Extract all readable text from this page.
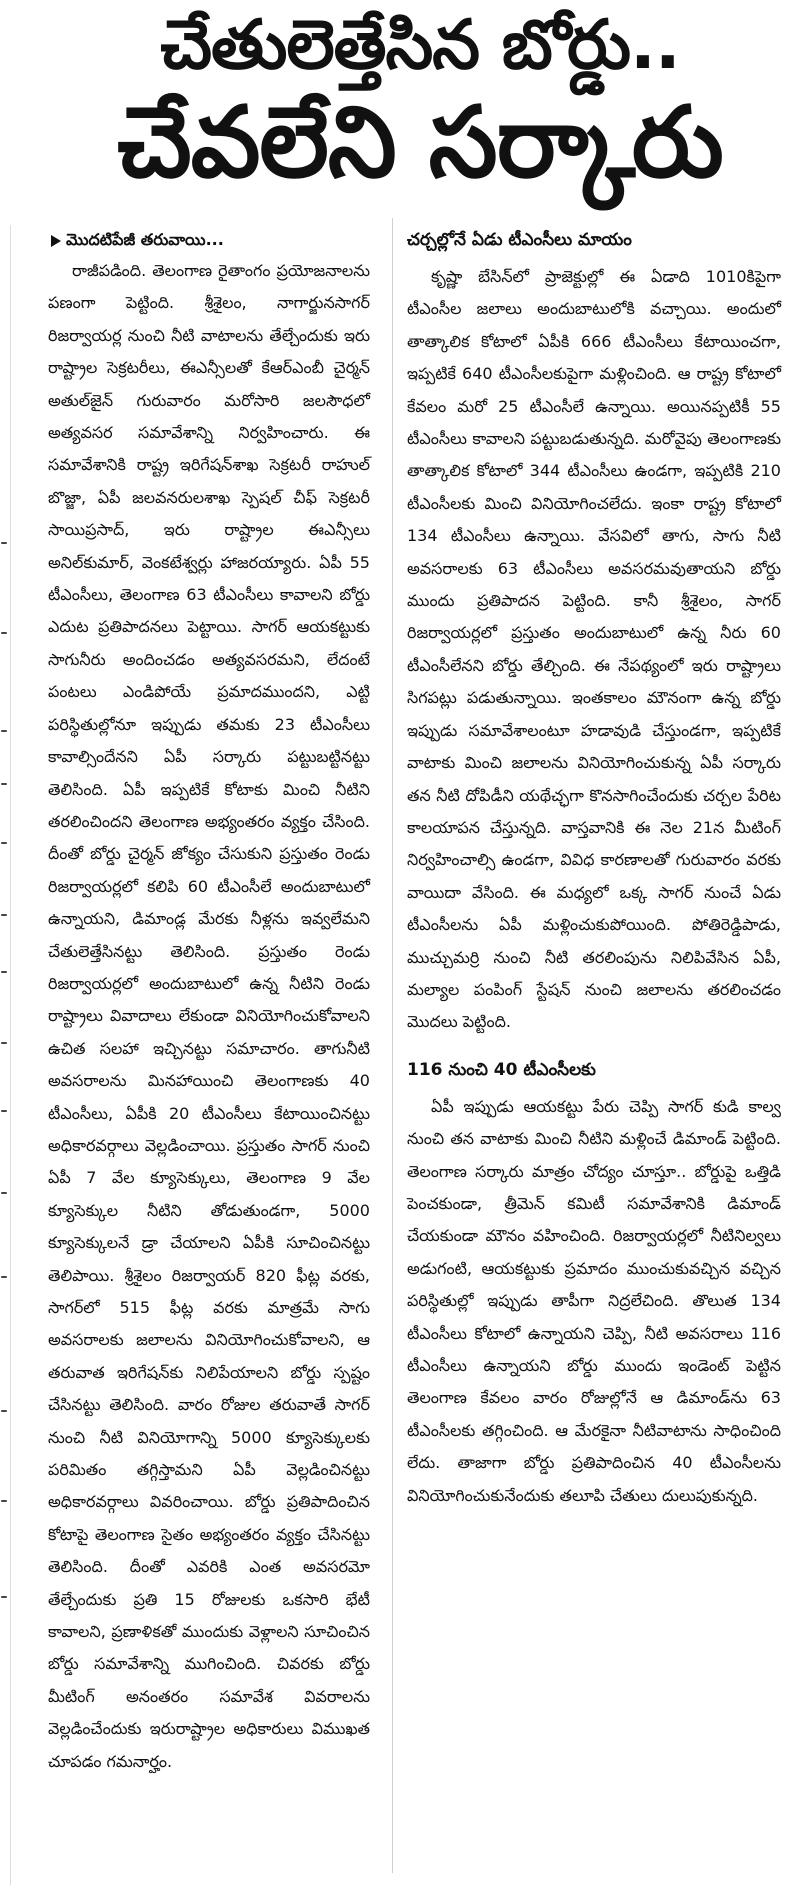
చేతులెత్తేసిన బోర్డు..
చేవలేని సర్కారు
మొదటిపేజీ తరువాయి...

రాజీపడింది. తెలంగాణ రైతాంగం ప్రయోజనాలను పణంగా పెట్టింది. శ్రీశైలం, నాగార్జునసాగర్ రిజర్వాయర్ల నుంచి నీటి వాటాలను తేల్చేందుకు ఇరు రాష్ట్రాల సెక్రటరీలు, ఈఎన్సీలతో కేఆర్ఎంబీ చైర్మన్ అతుల్‌జైన్ గురువారం మరోసారి జలసౌధలో అత్యవసర సమావేశాన్ని నిర్వహించారు. ఈ సమావేశానికి రాష్ట్ర ఇరిగేషన్‌శాఖ సెక్రటరీ రాహుల్ బొజ్జా, ఏపీ జలవనరులశాఖ స్పెషల్ చీఫ్ సెక్రటరీ సాయిప్రసాద్, ఇరు రాష్ట్రాల ఈఎన్సీలు అనిల్‌కుమార్, వెంకటేశ్వర్లు హాజరయ్యారు. ఏపీ 55 టీఎంసీలు, తెలంగాణ 63 టీఎంసీలు కావాలని బోర్డు ఎదుట ప్రతిపాదనలు పెట్టాయి. సాగర్ ఆయకట్టుకు సాగునీరు అందించడం అత్యవసరమని, లేదంటే పంటలు ఎండిపోయే ప్రమాదముందని, ఎట్టి పరిస్థితుల్లోనూ ఇప్పుడు తమకు 23 టీఎంసీలు కావాల్సిందేనని ఏపీ సర్కారు పట్టుబట్టినట్టు తెలిసింది. ఏపీ ఇప్పటికే కోటాకు మించి నీటిని తరలించిందని తెలంగాణ అభ్యంతరం వ్యక్తం చేసింది. దీంతో బోర్డు చైర్మన్ జోక్యం చేసుకుని ప్రస్తుతం రెండు రిజర్వాయర్లలో కలిపి 60 టీఎంసీలే అందుబాటులో ఉన్నాయని, డిమాండ్ల మేరకు నీళ్లను ఇవ్వలేమని చేతులెత్తేసినట్టు తెలిసింది. ప్రస్తుతం రెండు రిజర్వాయర్లలో అందుబాటులో ఉన్న నీటిని రెండు రాష్ట్రాలు వివాదాలు లేకుండా వినియోగించుకోవాలని ఉచిత సలహా ఇచ్చినట్టు సమాచారం. తాగునీటి అవసరాలను మినహాయించి తెలంగాణకు 40 టీఎంసీలు, ఏపీకి 20 టీఎంసీలు కేటాయించినట్టు అధికారవర్గాలు వెల్లడించాయి. ప్రస్తుతం సాగర్ నుంచి ఏపీ 7 వేల క్యూసెక్కులు, తెలంగాణ 9 వేల క్యూసెక్కుల నీటిని తోడుతుండగా, 5000 క్యూసెక్కులనే డ్రా చేయాలని ఏపీకి సూచించినట్టు తెలిపాయి. శ్రీశైలం రిజర్వాయర్ 820 ఫీట్ల వరకు, సాగర్‌లో 515 ఫీట్ల వరకు మాత్రమే సాగు అవసరాలకు జలాలను వినియోగించుకోవాలని, ఆ తరువాత ఇరిగేషన్‌కు నిలిపేయాలని బోర్డు స్పష్టం చేసినట్టు తెలిసింది. వారం రోజుల తరువాతే సాగర్ నుంచి నీటి వినియోగాన్ని 5000 క్యూసెక్కులకు పరిమితం తగ్గిస్తామని ఏపీ వెల్లడించినట్టు అధికారవర్గాలు వివరించాయి. బోర్డు ప్రతిపాదించిన కోటాపై తెలంగాణ సైతం అభ్యంతరం వ్యక్తం చేసినట్టు తెలిసింది. దీంతో ఎవరికి ఎంత అవసరమో తేల్చేందుకు ప్రతి 15 రోజులకు ఒకసారి భేటీ కావాలని, ప్రణాళికతో ముందుకు వెళ్లాలని సూచించిన బోర్డు సమావేశాన్ని ముగించింది. చివరకు బోర్డు మీటింగ్ అనంతరం సమావేశ వివరాలను వెల్లడించేందుకు ఇరురాష్ట్రాల అధికారులు విముఖత చూపడం గమనార్హం.

చర్చల్లోనే ఏడు టీఎంసీలు మాయం

కృష్ణా బేసిన్‌లో ప్రాజెక్టుల్లో ఈ ఏడాది 1010కిపైగా టీఎంసీల జలాలు అందుబాటులోకి వచ్చాయి. అందులో తాత్కాలిక కోటాలో ఏపీకి 666 టీఎంసీలు కేటాయించగా, ఇప్పటికే 640 టీఎంసీలకుపైగా మళ్లించింది. ఆ రాష్ట్ర కోటాలో కేవలం మరో 25 టీఎంసీలే ఉన్నాయి. అయినప్పటికీ 55 టీఎంసీలు కావాలని పట్టుబడుతున్నది. మరోవైపు తెలంగాణకు తాత్కాలిక కోటాలో 344 టీఎంసీలు ఉండగా, ఇప్పటికి 210 టీఎంసీలకు మించి వినియోగించలేదు. ఇంకా రాష్ట్ర కోటాలో 134 టీఎంసీలు ఉన్నాయి. వేసవిలో తాగు, సాగు నీటి అవసరాలకు 63 టీఎంసీలు అవసరమవుతాయని బోర్డు ముందు ప్రతిపాదన పెట్టింది. కానీ శ్రీశైలం, సాగర్ రిజర్వాయర్లలో ప్రస్తుతం అందుబాటులో ఉన్న నీరు 60 టీఎంసీలేనని బోర్డు తేల్చింది. ఈ నేపథ్యంలో ఇరు రాష్ట్రాలు సిగపట్లు పడుతున్నాయి. ఇంతకాలం మౌనంగా ఉన్న బోర్డు ఇప్పుడు సమావేశాలంటూ హడావుడి చేస్తుండగా, ఇప్పటికే వాటాకు మించి జలాలను వినియోగించుకున్న ఏపీ సర్కారు తన నీటి దోపిడీని యథేచ్ఛగా కొనసాగించేందుకు చర్చల పేరిట కాలయాపన చేస్తున్నది. వాస్తవానికి ఈ నెల 21న మీటింగ్ నిర్వహించాల్సి ఉండగా, వివిధ కారణాలతో గురువారం వరకు వాయిదా వేసింది. ఈ మధ్యలో ఒక్క సాగర్ నుంచే ఏడు టీఎంసీలను ఏపీ మళ్లించుకుపోయింది. పోతిరెడ్డిపాడు, ముచ్చుమర్రి నుంచి నీటి తరలింపును నిలిపివేసిన ఏపీ, మల్యాల పంపింగ్ స్టేషన్ నుంచి జలాలను తరలించడం మొదలు పెట్టింది.

116 నుంచి 40 టీఎంసీలకు

ఏపీ ఇప్పుడు ఆయకట్టు పేరు చెప్పి సాగర్ కుడి కాల్వ నుంచి తన వాటాకు మించి నీటిని మళ్లించే డిమాండ్ పెట్టింది. తెలంగాణ సర్కారు మాత్రం చోద్యం చూస్తూ.. బోర్డుపై ఒత్తిడి పెంచకుండా, త్రీమెన్ కమిటీ సమావేశానికి డిమాండ్ చేయకుండా మౌనం వహించింది. రిజర్వాయర్లలో నీటినిల్వలు అడుగంటి, ఆయకట్టుకు ప్రమాదం ముంచుకువచ్చిన వచ్చిన పరిస్థితుల్లో ఇప్పుడు తాపీగా నిద్రలేచింది. తొలుత 134 టీఎంసీలు కోటాలో ఉన్నాయని చెప్పి, నీటి అవసరాలు 116 టీఎంసీలు ఉన్నాయని బోర్డు ముందు ఇండెంట్ పెట్టిన తెలంగాణ కేవలం వారం రోజుల్లోనే ఆ డిమాండ్‌ను 63 టీఎంసీలకు తగ్గించింది. ఆ మేరకైనా నీటివాటాను సాధించింది లేదు. తాజాగా బోర్డు ప్రతిపాదించిన 40 టీఎంసీలను వినియోగించుకునేందుకు తలూపి చేతులు దులుపుకున్నది.
